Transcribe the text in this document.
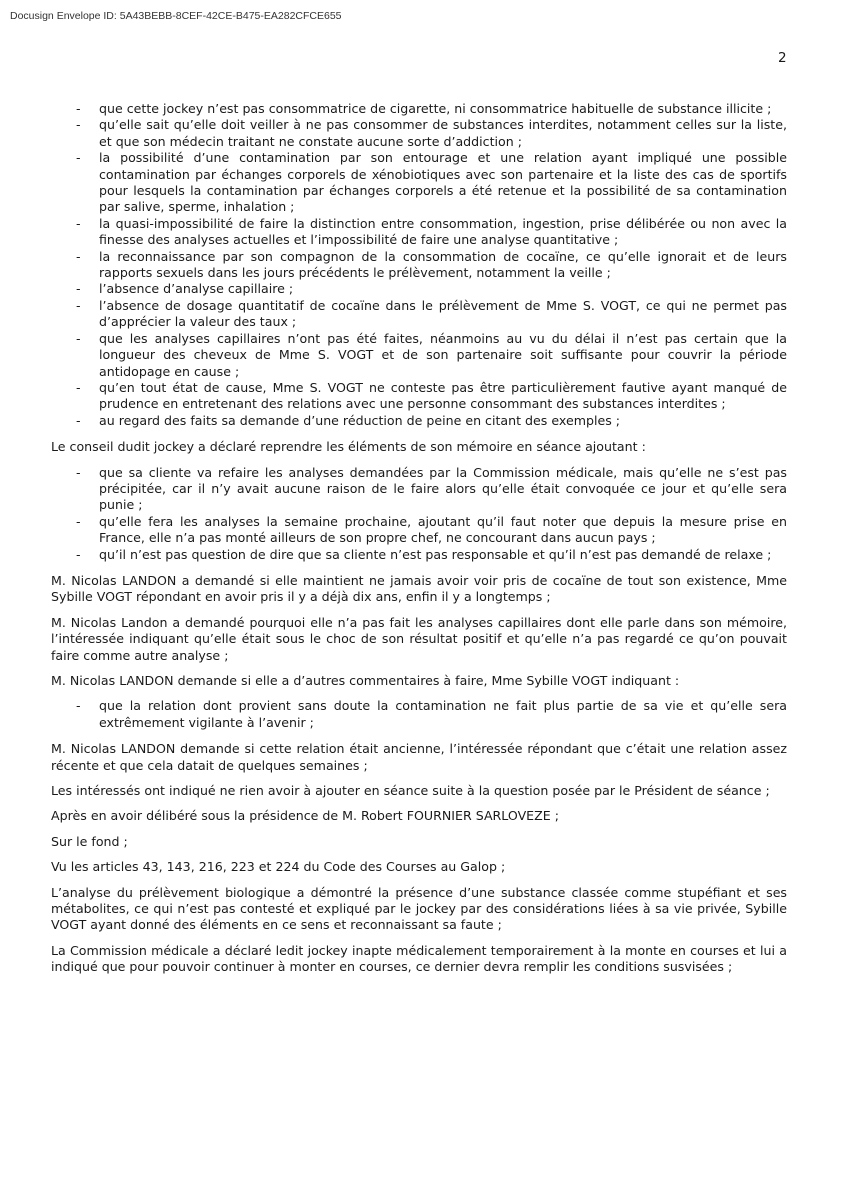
Docusign Envelope ID: 5A43BEBB-8CEF-42CE-B475-EA282CFCE655
2
- que cette jockey n’est pas consommatrice de cigarette, ni consommatrice habituelle de substance illicite ;
- qu’elle sait qu’elle doit veiller à ne pas consommer de substances interdites, notamment celles sur la liste, et que son médecin traitant ne constate aucune sorte d’addiction ;
- la possibilité d’une contamination par son entourage et une relation ayant impliqué une possible contamination par échanges corporels de xénobiotiques avec son partenaire et la liste des cas de sportifs pour lesquels la contamination par échanges corporels a été retenue et la possibilité de sa contamination par salive, sperme, inhalation ;
- la quasi-impossibilité de faire la distinction entre consommation, ingestion, prise délibérée ou non avec la finesse des analyses actuelles et l’impossibilité de faire une analyse quantitative ;
- la reconnaissance par son compagnon de la consommation de cocaïne, ce qu’elle ignorait et de leurs rapports sexuels dans les jours précédents le prélèvement, notamment la veille ;
- l’absence d’analyse capillaire ;
- l’absence de dosage quantitatif de cocaïne dans le prélèvement de Mme S. VOGT, ce qui ne permet pas d’apprécier la valeur des taux ;
- que les analyses capillaires n’ont pas été faites, néanmoins au vu du délai il n’est pas certain que la longueur des cheveux de Mme S. VOGT et de son partenaire soit suffisante pour couvrir la période antidopage en cause ;
- qu’en tout état de cause, Mme S. VOGT ne conteste pas être particulièrement fautive ayant manqué de prudence en entretenant des relations avec une personne consommant des substances interdites ;
- au regard des faits sa demande d’une réduction de peine en citant des exemples ;

Le conseil dudit jockey a déclaré reprendre les éléments de son mémoire en séance ajoutant :

- que sa cliente va refaire les analyses demandées par la Commission médicale, mais qu’elle ne s’est pas précipitée, car il n’y avait aucune raison de le faire alors qu’elle était convoquée ce jour et qu’elle sera punie ;
- qu’elle fera les analyses la semaine prochaine, ajoutant qu’il faut noter que depuis la mesure prise en France, elle n’a pas monté ailleurs de son propre chef, ne concourant dans aucun pays ;
- qu’il n’est pas question de dire que sa cliente n’est pas responsable et qu’il n’est pas demandé de relaxe ;

M. Nicolas LANDON a demandé si elle maintient ne jamais avoir voir pris de cocaïne de tout son existence, Mme Sybille VOGT répondant en avoir pris il y a déjà dix ans, enfin il y a longtemps ;

M. Nicolas Landon a demandé pourquoi elle n’a pas fait les analyses capillaires dont elle parle dans son mémoire, l’intéressée indiquant qu’elle était sous le choc de son résultat positif et qu’elle n’a pas regardé ce qu’on pouvait faire comme autre analyse ;

M. Nicolas LANDON demande si elle a d’autres commentaires à faire, Mme Sybille VOGT indiquant :

- que la relation dont provient sans doute la contamination ne fait plus partie de sa vie et qu’elle sera extrêmement vigilante à l’avenir ;

M. Nicolas LANDON demande si cette relation était ancienne, l’intéressée répondant que c’était une relation assez récente et que cela datait de quelques semaines ;

Les intéressés ont indiqué ne rien avoir à ajouter en séance suite à la question posée par le Président de séance ;

Après en avoir délibéré sous la présidence de M. Robert FOURNIER SARLOVEZE ;

Sur le fond ;

Vu les articles 43, 143, 216, 223 et 224 du Code des Courses au Galop ;

L’analyse du prélèvement biologique a démontré la présence d’une substance classée comme stupéfiant et ses métabolites, ce qui n’est pas contesté et expliqué par le jockey par des considérations liées à sa vie privée, Sybille VOGT ayant donné des éléments en ce sens et reconnaissant sa faute ;

La Commission médicale a déclaré ledit jockey inapte médicalement temporairement à la monte en courses et lui a indiqué que pour pouvoir continuer à monter en courses, ce dernier devra remplir les conditions susvisées ;
